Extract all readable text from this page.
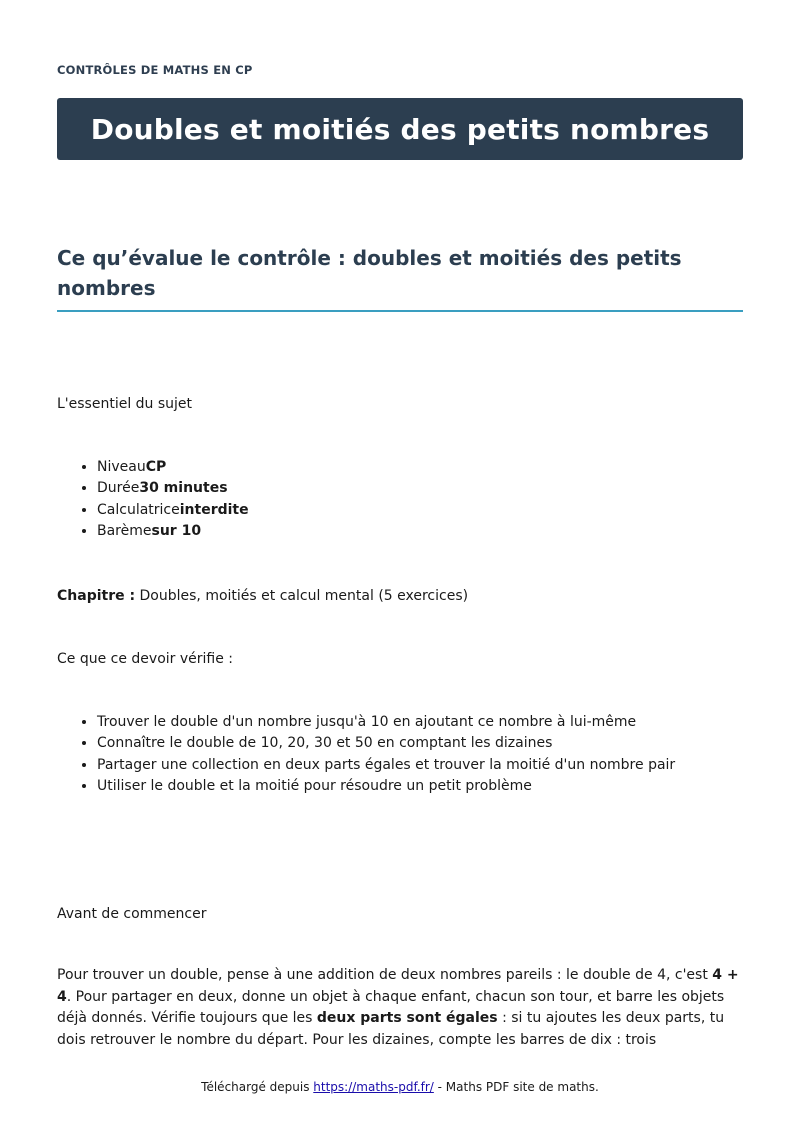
CONTRÔLES DE MATHS EN CP
Doubles et moitiés des petits nombres
Ce qu’évalue le contrôle : doubles et moitiés des petits nombres
L'essentiel du sujet
• NiveauCP
• Durée30 minutes
• Calculatriceinterdite
• Barèmesur 10
Chapitre : Doubles, moitiés et calcul mental (5 exercices)
Ce que ce devoir vérifie :
• Trouver le double d'un nombre jusqu'à 10 en ajoutant ce nombre à lui-même
• Connaître le double de 10, 20, 30 et 50 en comptant les dizaines
• Partager une collection en deux parts égales et trouver la moitié d'un nombre pair
• Utiliser le double et la moitié pour résoudre un petit problème
Avant de commencer
Pour trouver un double, pense à une addition de deux nombres pareils : le double de 4, c'est 4 + 4. Pour partager en deux, donne un objet à chaque enfant, chacun son tour, et barre les objets déjà donnés. Vérifie toujours que les deux parts sont égales : si tu ajoutes les deux parts, tu dois retrouver le nombre du départ. Pour les dizaines, compte les barres de dix : trois
Téléchargé depuis https://maths-pdf.fr/ - Maths PDF site de maths.
